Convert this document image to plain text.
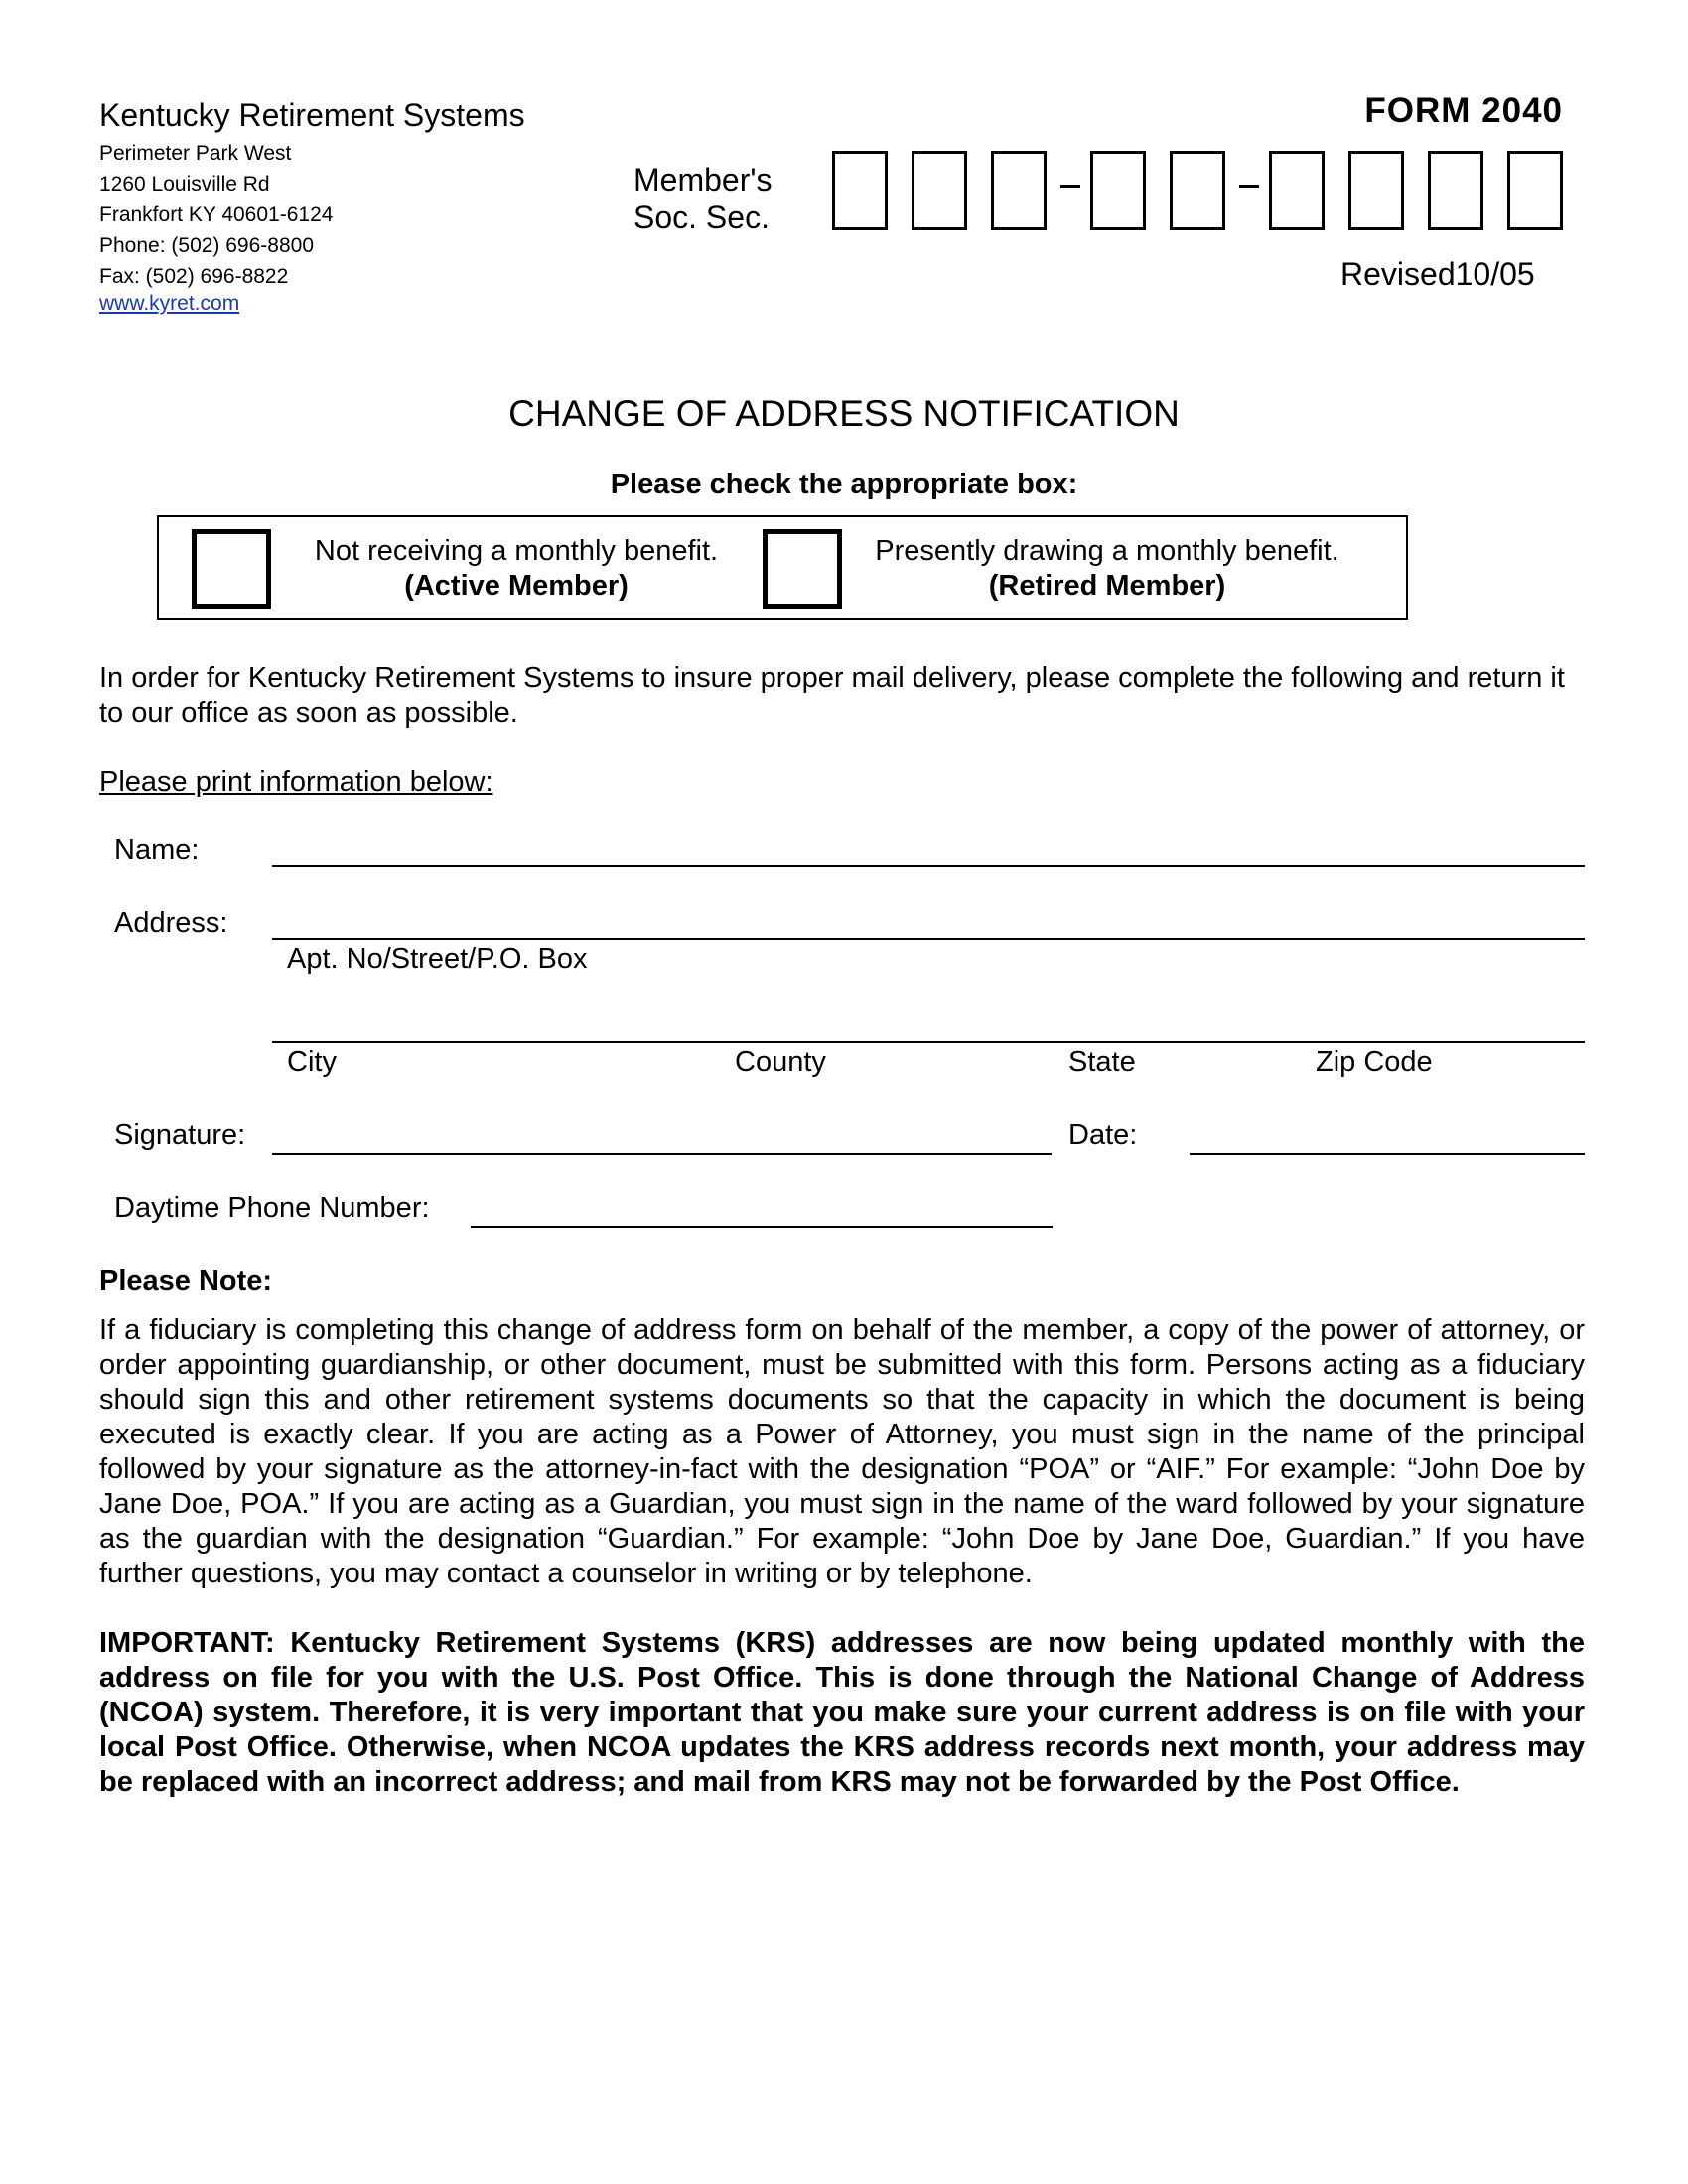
Kentucky Retirement Systems
Perimeter Park West
1260 Louisville Rd
Frankfort KY 40601-6124
Phone: (502) 696-8800
Fax: (502) 696-8822
www.kyret.com
FORM 2040
Member's
Soc. Sec.
Revised10/05
CHANGE OF ADDRESS NOTIFICATION
Please check the appropriate box:
Not receiving a monthly benefit.
(Active Member)
Presently drawing a monthly benefit.
(Retired Member)
In order for Kentucky Retirement Systems to insure proper mail delivery, please complete the following and return it to our office as soon as possible.
Please print information below:
Name:
Address:
Apt. No/Street/P.O. Box
City	County	State	Zip Code
Signature:	Date:
Daytime Phone Number:
Please Note:
If a fiduciary is completing this change of address form on behalf of the member, a copy of the power of attorney, or order appointing guardianship, or other document, must be submitted with this form. Persons acting as a fiduciary should sign this and other retirement systems documents so that the capacity in which the document is being executed is exactly clear. If you are acting as a Power of Attorney, you must sign in the name of the principal followed by your signature as the attorney-in-fact with the designation “POA” or “AIF.” For example: “John Doe by Jane Doe, POA.” If you are acting as a Guardian, you must sign in the name of the ward followed by your signature as the guardian with the designation “Guardian.” For example: “John Doe by Jane Doe, Guardian.” If you have further questions, you may contact a counselor in writing or by telephone.
IMPORTANT: Kentucky Retirement Systems (KRS) addresses are now being updated monthly with the address on file for you with the U.S. Post Office. This is done through the National Change of Address (NCOA) system. Therefore, it is very important that you make sure your current address is on file with your local Post Office. Otherwise, when NCOA updates the KRS address records next month, your address may be replaced with an incorrect address; and mail from KRS may not be forwarded by the Post Office.
